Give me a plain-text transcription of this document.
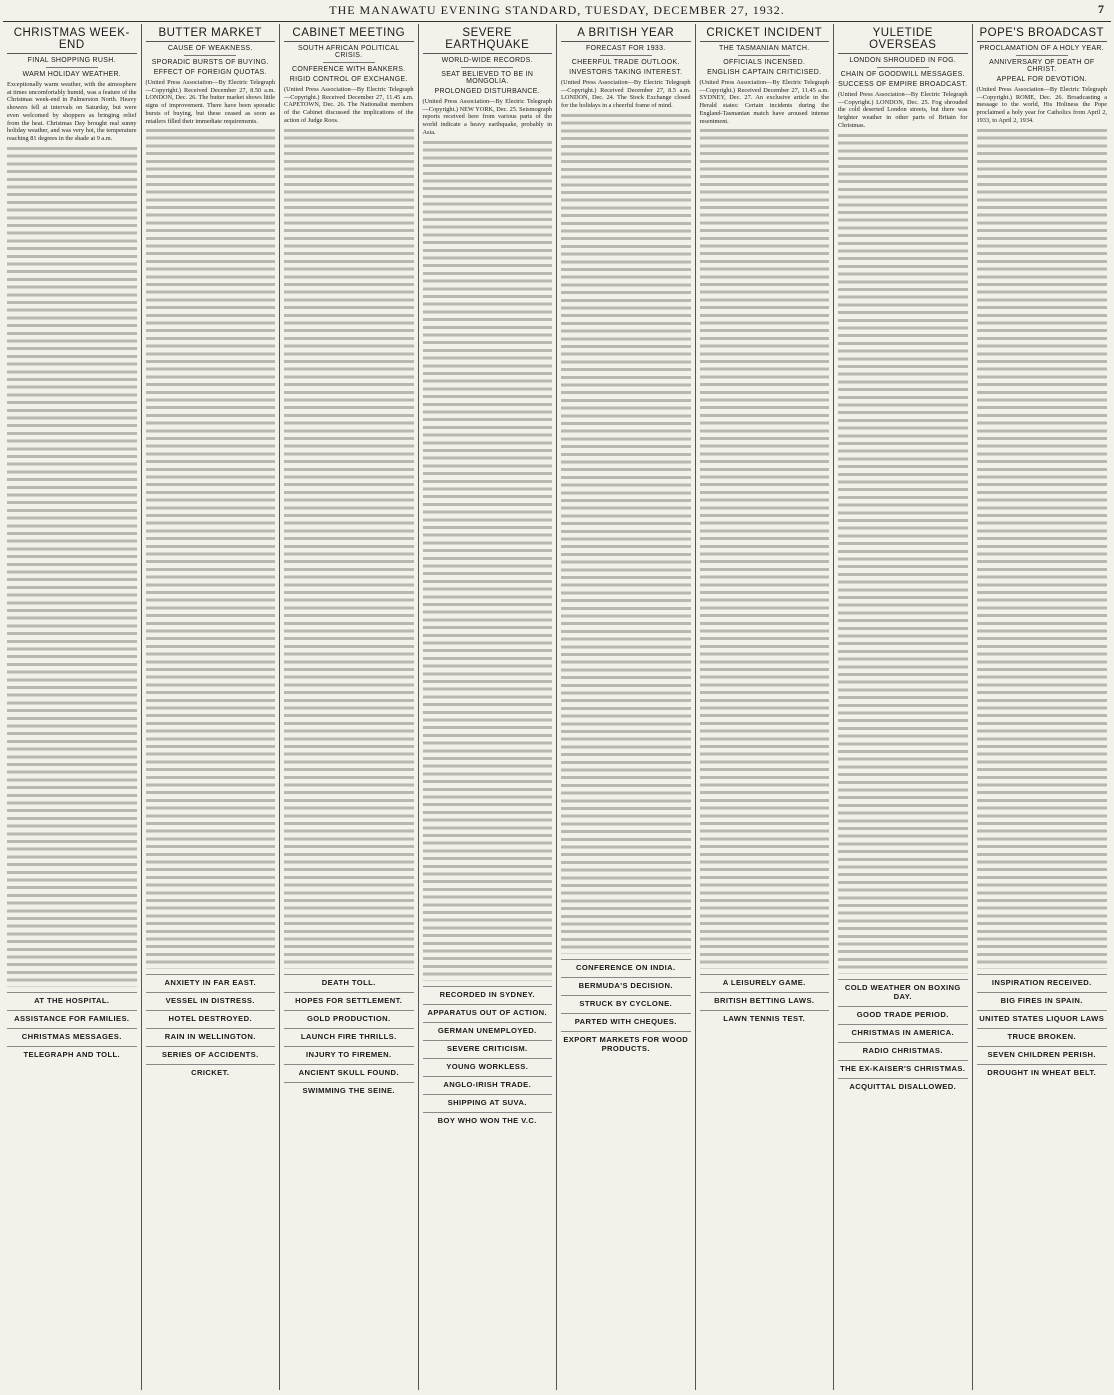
THE MANAWATU EVENING STANDARD, TUESDAY, DECEMBER 27, 1932.	7
CHRISTMAS WEEK-END
FINAL SHOPPING RUSH.
WARM HOLIDAY WEATHER.

Exceptionally warm weather, with the atmosphere at times uncomfortably humid, was a feature of the Christmas week-end in Palmerston North. Heavy showers fell at intervals on Saturday, but were even welcomed by shoppers as bringing relief from the heat. Christmas Day brought real sunny holiday weather, and was very hot, the temperature reaching 81 degrees in the shade at 9 a.m.

AT THE HOSPITAL.
ASSISTANCE FOR FAMILIES.
CHRISTMAS MESSAGES.
TELEGRAPH AND TOLL.
BUTTER MARKET
CAUSE OF WEAKNESS.
SPORADIC BURSTS OF BUYING.
EFFECT OF FOREIGN QUOTAS.

(United Press Association—By Electric Telegraph—Copyright.) Received December 27, 8.50 a.m. LONDON, Dec. 26. The butter market shows little signs of improvement. There have been sporadic bursts of buying, but these ceased as soon as retailers filled their immediate requirements.

ANXIETY IN FAR EAST.
VESSEL IN DISTRESS.
HOTEL DESTROYED.
RAIN IN WELLINGTON.
SERIES OF ACCIDENTS.
CRICKET.
CABINET MEETING
SOUTH AFRICAN POLITICAL CRISIS.
CONFERENCE WITH BANKERS.
RIGID CONTROL OF EXCHANGE.

(United Press Association—By Electric Telegraph—Copyright.) Received December 27, 11.45 a.m. CAPETOWN, Dec. 26. The Nationalist members of the Cabinet discussed the implications of the action of Judge Roos.

DEATH TOLL.
HOPES FOR SETTLEMENT.
GOLD PRODUCTION.
LAUNCH FIRE THRILLS.
INJURY TO FIREMEN.
ANCIENT SKULL FOUND.
SWIMMING THE SEINE.
SEVERE EARTHQUAKE
WORLD-WIDE RECORDS.
SEAT BELIEVED TO BE IN MONGOLIA.
PROLONGED DISTURBANCE.

(United Press Association—By Electric Telegraph—Copyright.) NEW YORK, Dec. 25. Seismograph reports received here from various parts of the world indicate a heavy earthquake, probably in Asia.

RECORDED IN SYDNEY.
APPARATUS OUT OF ACTION.
GERMAN UNEMPLOYED.
SEVERE CRITICISM.
YOUNG WORKLESS.
ANGLO-IRISH TRADE.
SHIPPING AT SUVA.
BOY WHO WON THE V.C.
A BRITISH YEAR
FORECAST FOR 1933.
CHEERFUL TRADE OUTLOOK.
INVESTORS TAKING INTEREST.

(United Press Association—By Electric Telegraph—Copyright.) Received December 27, 8.5 a.m. LONDON, Dec. 24. The Stock Exchange closed for the holidays in a cheerful frame of mind.

CONFERENCE ON INDIA.
BERMUDA'S DECISION.
STRUCK BY CYCLONE.
PARTED WITH CHEQUES.
EXPORT MARKETS FOR WOOD PRODUCTS.
CRICKET INCIDENT
THE TASMANIAN MATCH.
OFFICIALS INCENSED.
ENGLISH CAPTAIN CRITICISED.

(United Press Association—By Electric Telegraph—Copyright.) Received December 27, 11.45 a.m. SYDNEY, Dec. 27. An exclusive article in the Herald states: Certain incidents during the England-Tasmanian match have aroused intense resentment.

A LEISURELY GAME.
BRITISH BETTING LAWS.
LAWN TENNIS TEST.
YULETIDE OVERSEAS
LONDON SHROUDED IN FOG.
CHAIN OF GOODWILL MESSAGES.
SUCCESS OF EMPIRE BROADCAST.

(United Press Association—By Electric Telegraph—Copyright.) LONDON, Dec. 25. Fog shrouded the cold deserted London streets, but there was brighter weather in other parts of Britain for Christmas.

COLD WEATHER ON BOXING DAY.
GOOD TRADE PERIOD.
CHRISTMAS IN AMERICA.
RADIO CHRISTMAS.
THE EX-KAISER'S CHRISTMAS.
ACQUITTAL DISALLOWED.
POPE'S BROADCAST
PROCLAMATION OF A HOLY YEAR.
ANNIVERSARY OF DEATH OF CHRIST.
APPEAL FOR DEVOTION.

(United Press Association—By Electric Telegraph—Copyright.) ROME, Dec. 26. Broadcasting a message to the world, His Holiness the Pope proclaimed a holy year for Catholics from April 2, 1933, to April 2, 1934.

INSPIRATION RECEIVED.
BIG FIRES IN SPAIN.
UNITED STATES LIQUOR LAWS
TRUCE BROKEN.
SEVEN CHILDREN PERISH.
DROUGHT IN WHEAT BELT.
